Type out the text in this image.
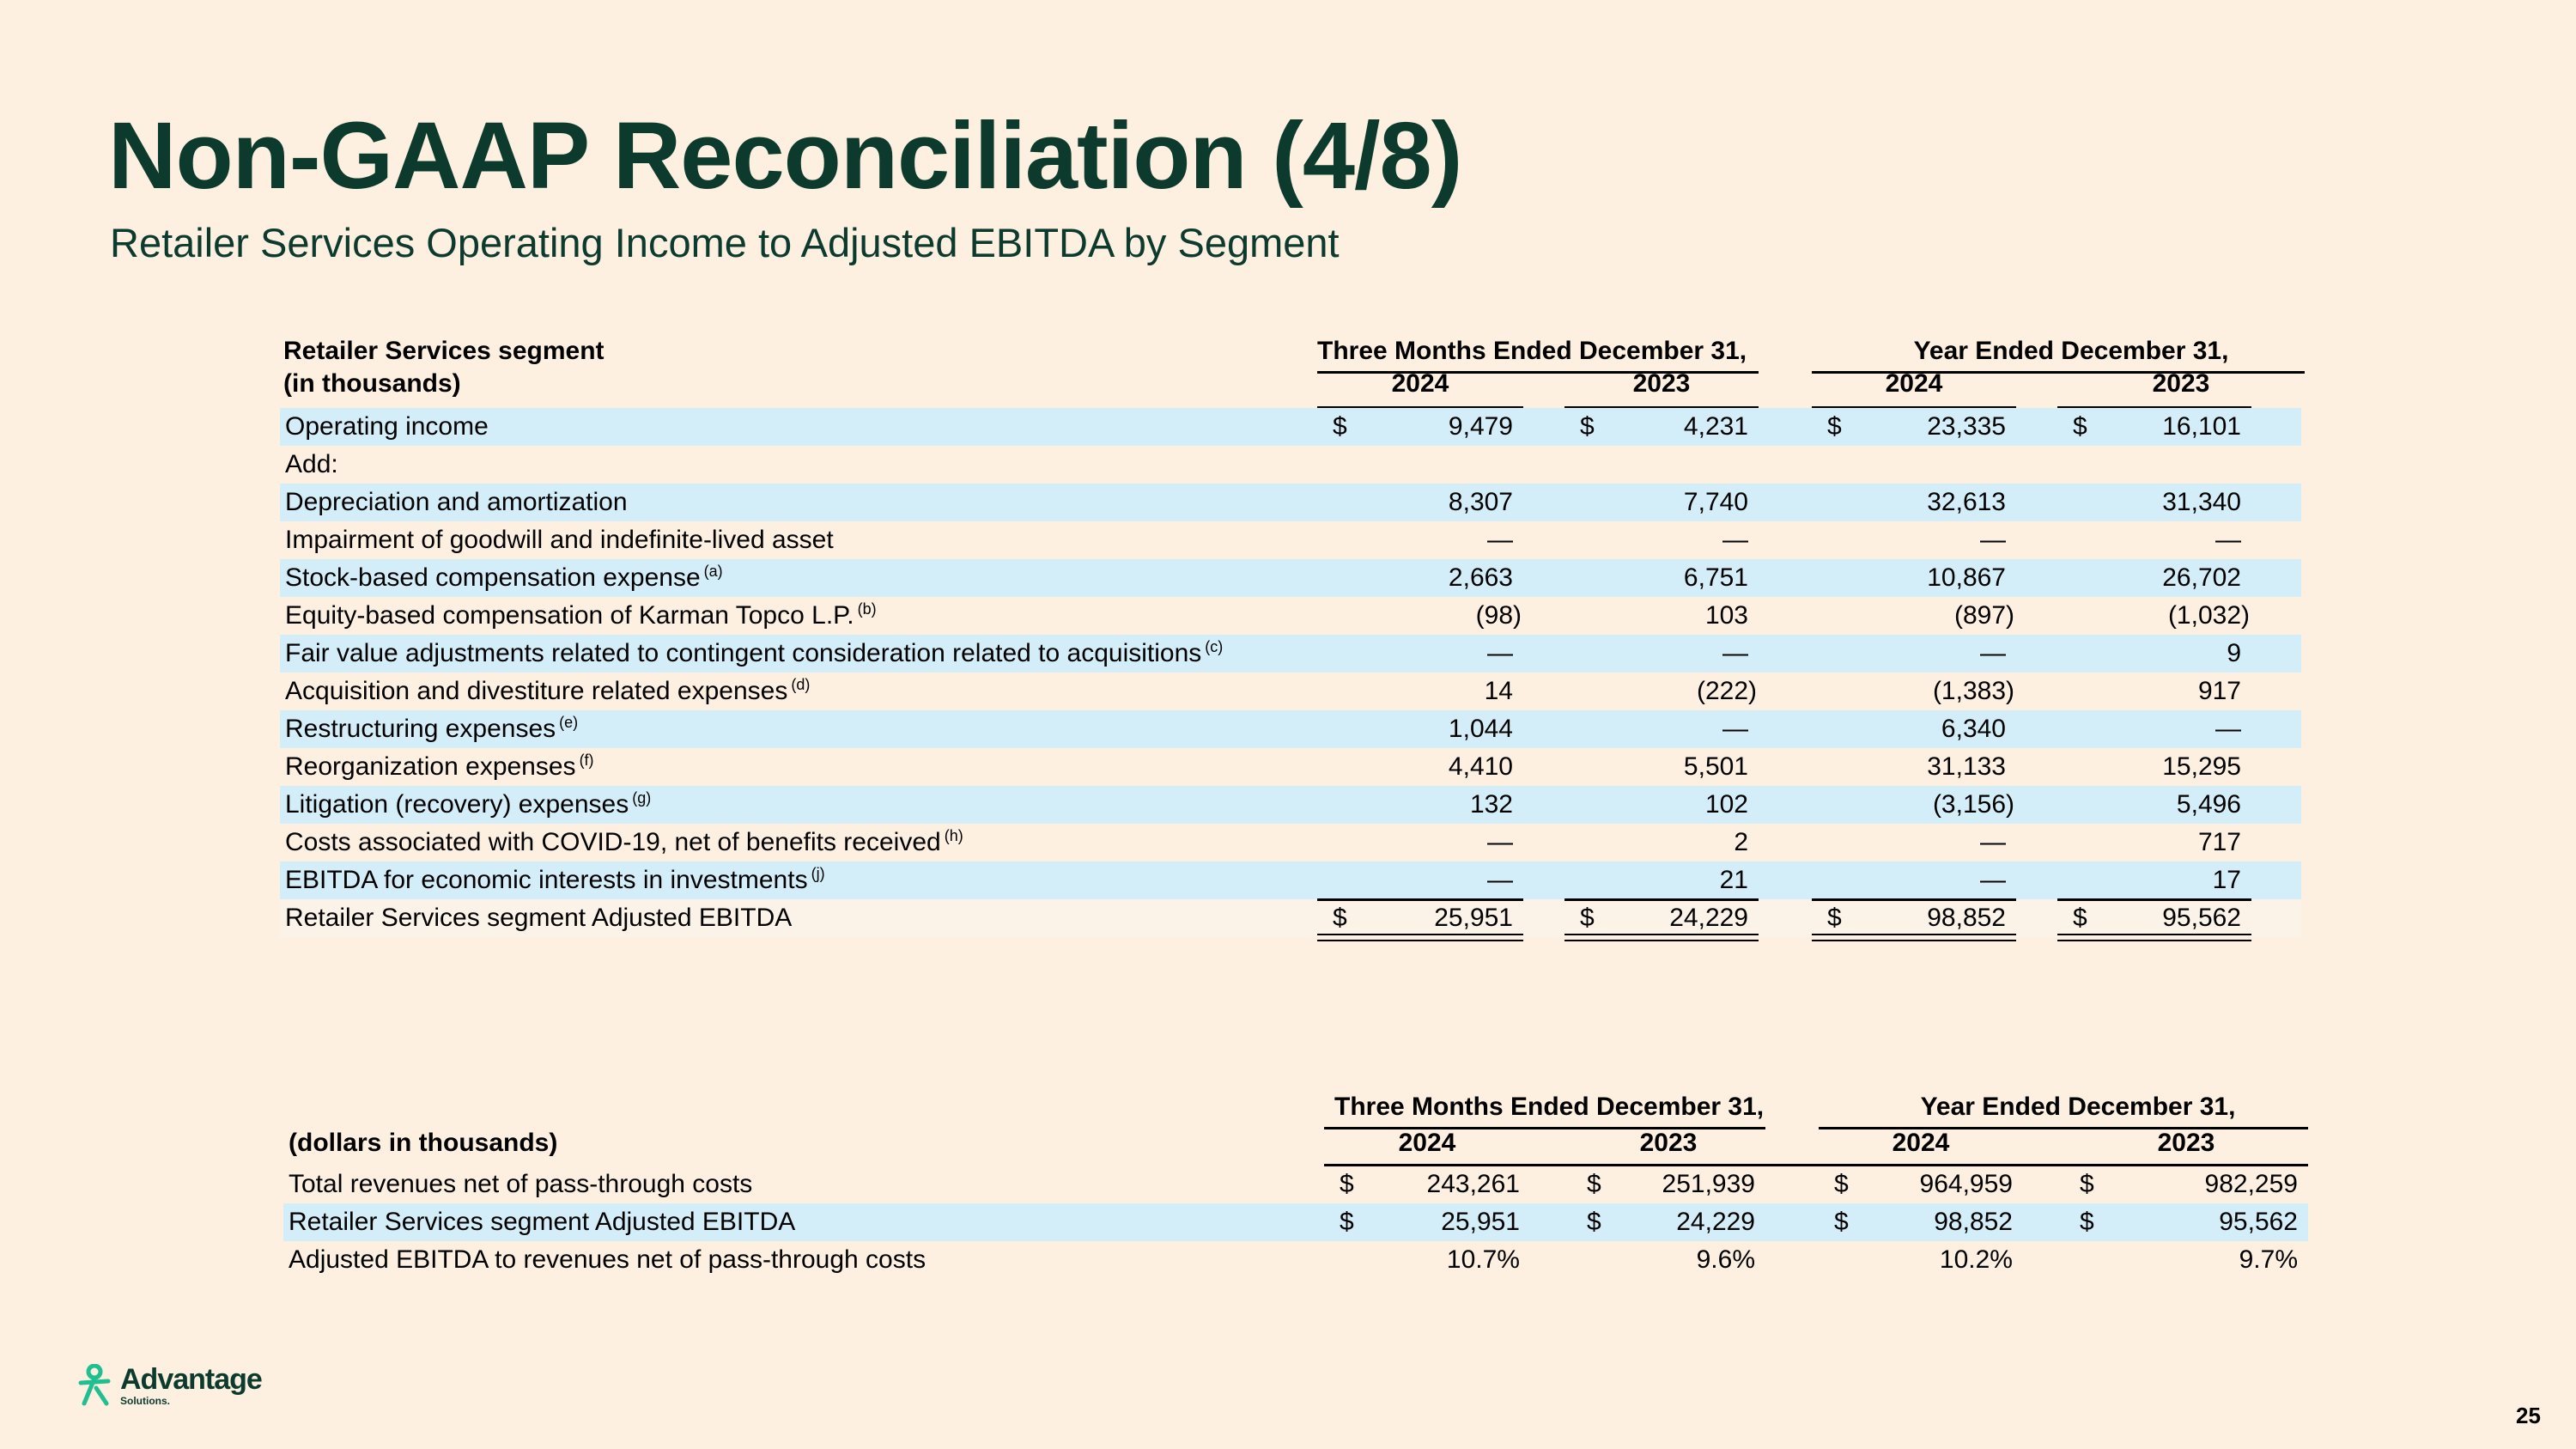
Non-GAAP Reconciliation (4/8)
Retailer Services Operating Income to Adjusted EBITDA by Segment
Retailer Services segment
(in thousands)
Three Months Ended December 31,	Year Ended December 31,
2024	2023	2024	2023
Operating income	$	9,479	$	4,231	$	23,335	$	16,101
Add:
Depreciation and amortization	8,307	7,740	32,613	31,340
Impairment of goodwill and indefinite-lived asset	—	—	—	—
Stock-based compensation expense $^{(a)}$	2,663	6,751	10,867	26,702
Equity-based compensation of Karman Topco L.P. $^{(b)}$	(98)	103	(897)	(1,032)
Fair value adjustments related to contingent consideration related to acquisitions $^{(c)}$	—	—	—	9
Acquisition and divestiture related expenses $^{(d)}$	14	(222)	(1,383)	917
Restructuring expenses $^{(e)}$	1,044	—	6,340	—
Reorganization expenses $^{(f)}$	4,410	5,501	31,133	15,295
Litigation (recovery) expenses $^{(g)}$	132	102	(3,156)	5,496
Costs associated with COVID-19, net of benefits received $^{(h)}$	—	2	—	717
EBITDA for economic interests in investments $^{(j)}$	—	21	—	17
Retailer Services segment Adjusted EBITDA	$	25,951	$	24,229	$	98,852	$	95,562
Three Months Ended December 31,	Year Ended December 31,
(dollars in thousands)	2024	2023	2024	2023
Total revenues net of pass-through costs	$	243,261	$ 251,939	$	964,959	$	982,259
Retailer Services segment Adjusted EBITDA	$	25,951	$	24,229	$	98,852	$	95,562
Adjusted EBITDA to revenues net of pass-through costs	10.7%	9.6%	10.2%	9.7%
Advantage
Solutions.
25
